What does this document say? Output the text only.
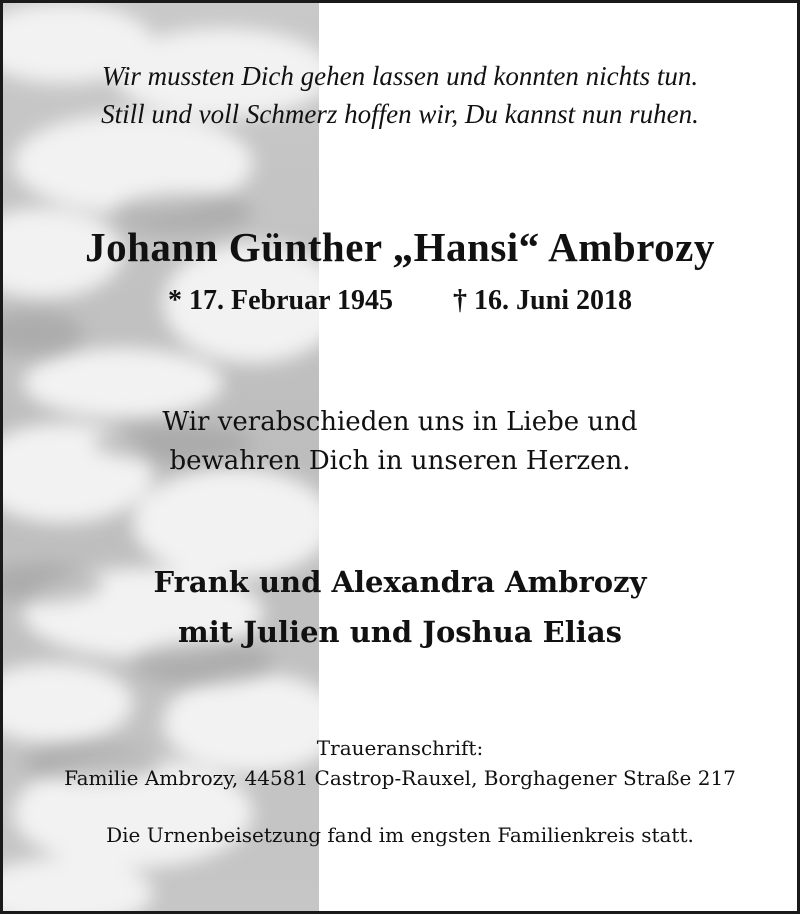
Wir mussten Dich gehen lassen und konnten nichts tun.
Still und voll Schmerz hoffen wir, Du kannst nun ruhen.
Johann Günther „Hansi“ Ambrozy
* 17. Februar 1945 † 16. Juni 2018
Wir verabschieden uns in Liebe und
bewahren Dich in unseren Herzen.
Frank und Alexandra Ambrozy
mit Julien und Joshua Elias
Traueranschrift:
Familie Ambrozy, 44581 Castrop-Rauxel, Borghagener Straße 217
Die Urnenbeisetzung fand im engsten Familienkreis statt.
